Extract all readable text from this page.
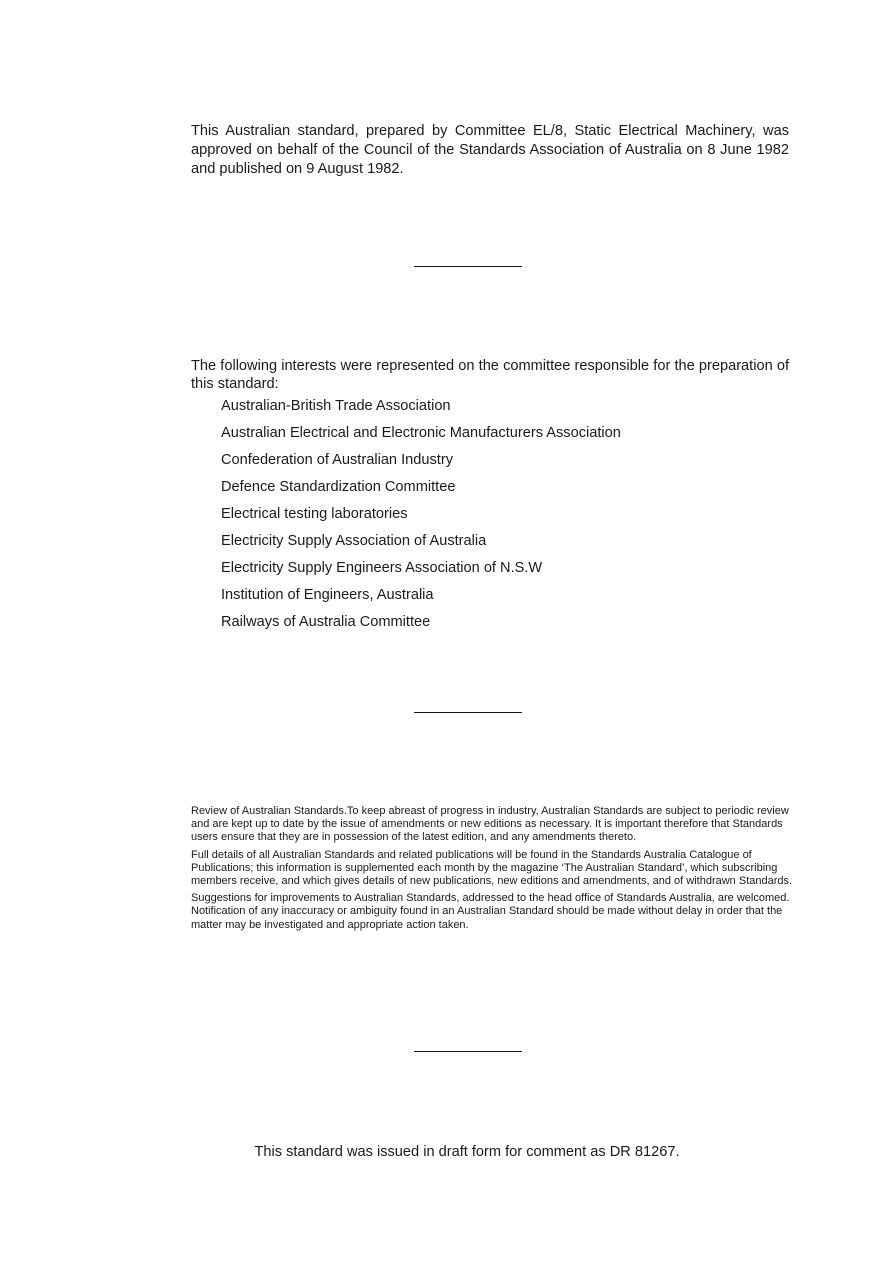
This Australian standard, prepared by Committee EL/8, Static Electrical Machinery, was approved on behalf of the Council of the Standards Association of Australia on 8 June 1982 and published on 9 August 1982.

The following interests were represented on the committee responsible for the preparation of this standard:

Australian-British Trade Association
Australian Electrical and Electronic Manufacturers Association
Confederation of Australian Industry
Defence Standardization Committee
Electrical testing laboratories
Electricity Supply Association of Australia
Electricity Supply Engineers Association of N.S.W
Institution of Engineers, Australia
Railways of Australia Committee

Review of Australian Standards.To keep abreast of progress in industry, Australian Standards are subject to periodic review and are kept up to date by the issue of amendments or new editions as necessary. It is important therefore that Standards users ensure that they are in possession of the latest edition, and any amendments thereto.

Full details of all Australian Standards and related publications will be found in the Standards Australia Catalogue of Publications; this information is supplemented each month by the magazine ‘The Australian Standard’, which subscribing members receive, and which gives details of new publications, new editions and amendments, and of withdrawn Standards.

Suggestions for improvements to Australian Standards, addressed to the head office of Standards Australia, are welcomed. Notification of any inaccuracy or ambiguity found in an Australian Standard should be made without delay in order that the matter may be investigated and appropriate action taken.

This standard was issued in draft form for comment as DR 81267.
